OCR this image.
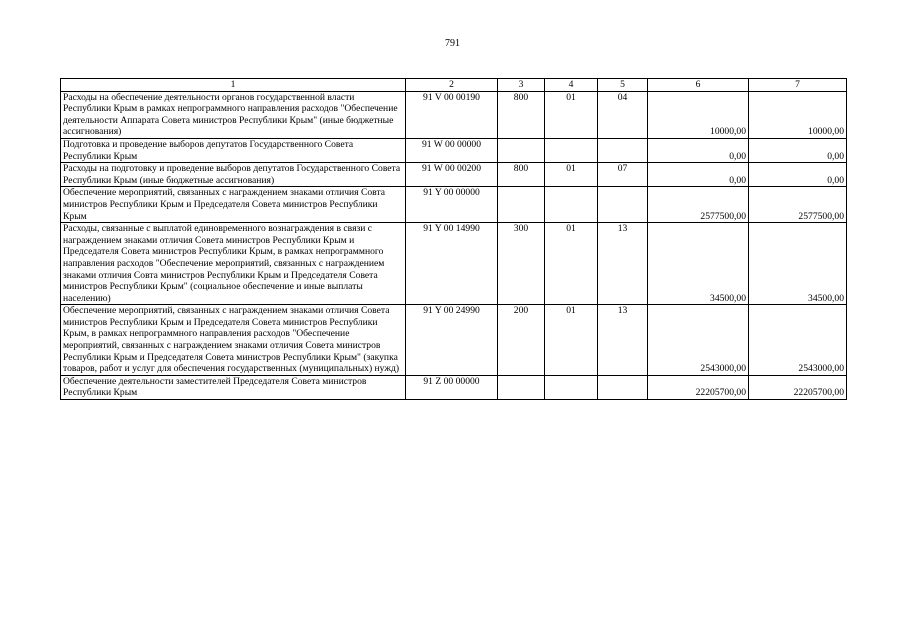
791
1	2	3	4	5	6	7
Расходы на обеспечение деятельности органов государственной власти Республики Крым в рамках непрограммного направления расходов "Обеспечение деятельности Аппарата Совета министров Республики Крым" (иные бюджетные ассигнования)	91 V 00 00190	800	01	04	10000,00	10000,00
Подготовка и проведение выборов депутатов Государственного Совета Республики Крым	91 W 00 00000				0,00	0,00
Расходы на подготовку и проведение выборов депутатов Государственного Совета Республики Крым (иные бюджетные ассигнования)	91 W 00 00200	800	01	07	0,00	0,00
Обеспечение мероприятий, связанных с награждением знаками отличия Совта министров Республики Крым и Председателя Совета министров Республики Крым	91 Y 00 00000				2577500,00	2577500,00
Расходы, связанные с выплатой единовременного вознаграждения в связи с награждением знаками отличия Совета министров Республики Крым и Председателя Совета министров Республики Крым, в рамках непрограммного направления расходов "Обеспечение мероприятий, связанных с награждением знаками отличия Совта министров Республики Крым и Председателя Совета министров Республики Крым" (социальное обеспечение и иные выплаты населению)	91 Y 00 14990	300	01	13	34500,00	34500,00
Обеспечение мероприятий, связанных с награждением знаками отличия Совета министров Республики Крым и Председателя Совета министров Республики Крым, в рамках непрограммного направления расходов "Обеспечение мероприятий, связанных с награждением знаками отличия Совета министров Республики Крым и Председателя Совета министров Республики Крым" (закупка товаров, работ и услуг для обеспечения государственных (муниципальных) нужд)	91 Y 00 24990	200	01	13	2543000,00	2543000,00
Обеспечение деятельности заместителей Председателя Совета министров Республики Крым	91 Z 00 00000				22205700,00	22205700,00
